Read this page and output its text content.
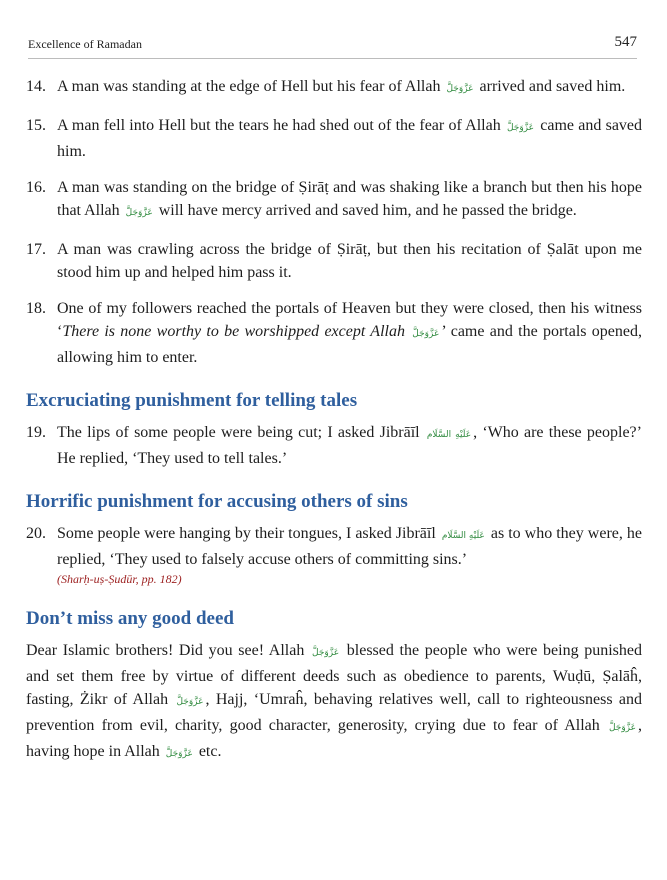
Excellence of Ramadan	547
14. A man was standing at the edge of Hell but his fear of Allah عَزَّوَجَلَّ arrived and saved him.
15. A man fell into Hell but the tears he had shed out of the fear of Allah عَزَّوَجَلَّ came and saved him.
16. A man was standing on the bridge of Ṣirāṭ and was shaking like a branch but then his hope that Allah عَزَّوَجَلَّ will have mercy arrived and saved him, and he passed the bridge.
17. A man was crawling across the bridge of Ṣirāṭ, but then his recitation of Ṣalāt upon me stood him up and helped him pass it.
18. One of my followers reached the portals of Heaven but they were closed, then his witness ‘There is none worthy to be worshipped except Allah عَزَّوَجَلَّ ’ came and the portals opened, allowing him to enter.
Excruciating punishment for telling tales
19. The lips of some people were being cut; I asked Jibrāīl عَلَيْهِ السَّلَام , ‘Who are these people?’ He replied, ‘They used to tell tales.’
Horrific punishment for accusing others of sins
20. Some people were hanging by their tongues, I asked Jibrāīl عَلَيْهِ السَّلَام as to who they were, he replied, ‘They used to falsely accuse others of committing sins.’
(Sharḥ-uṣ-Ṣudūr, pp. 182)
Don’t miss any good deed
Dear Islamic brothers! Did you see! Allah عَزَّوَجَلَّ blessed the people who were being punished and set them free by virtue of different deeds such as obedience to parents, Wuḍū, Ṣalāĥ, fasting, Żikr of Allah عَزَّوَجَلَّ , Hajj, ‘Umraĥ, behaving relatives well, call to righteousness and prevention from evil, charity, good character, generosity, crying due to fear of Allah عَزَّوَجَلَّ , having hope in Allah عَزَّوَجَلَّ etc.
